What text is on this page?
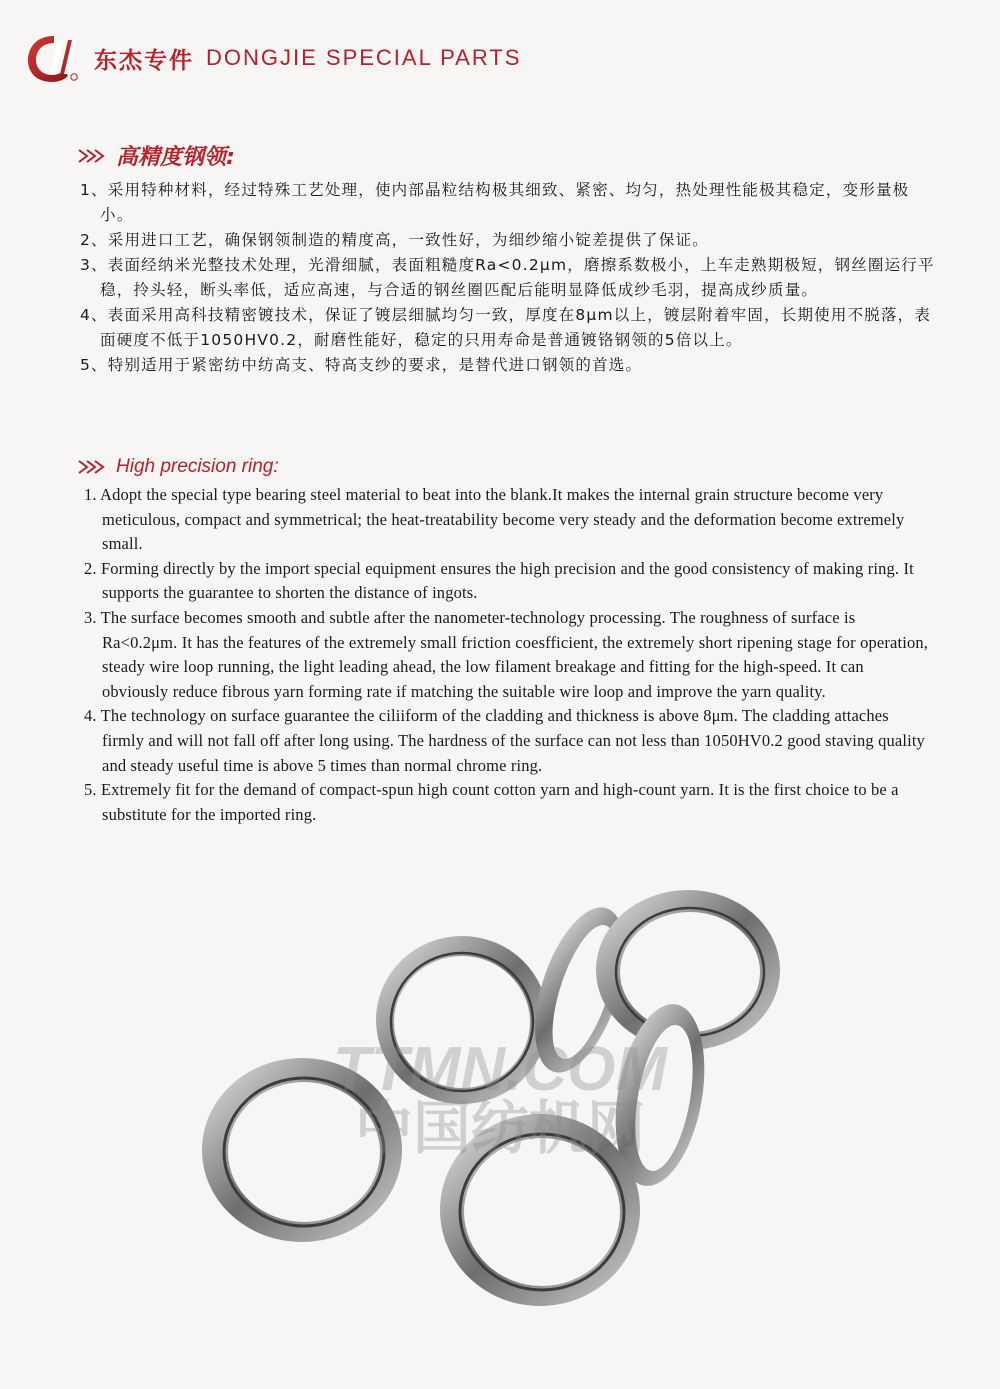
东杰专件 DONGJIE SPECIAL PARTS
高精度钢领:
1、采用特种材料，经过特殊工艺处理，使内部晶粒结构极其细致、紧密、均匀，热处理性能极其稳定，变形量极小。
2、采用进口工艺，确保钢领制造的精度高，一致性好，为细纱缩小锭差提供了保证。
3、表面经纳米光整技术处理，光滑细腻，表面粗糙度Ra<0.2μm，磨擦系数极小，上车走熟期极短，钢丝圈运行平稳，拎头轻，断头率低，适应高速，与合适的钢丝圈匹配后能明显降低成纱毛羽，提高成纱质量。
4、表面采用高科技精密镀技术，保证了镀层细腻均匀一致，厚度在8μm以上，镀层附着牢固，长期使用不脱落，表面硬度不低于1050HV0.2，耐磨性能好，稳定的只用寿命是普通镀铬钢领的5倍以上。
5、特别适用于紧密纺中纺高支、特高支纱的要求，是替代进口钢领的首选。
High precision ring:
1. Adopt the special type bearing steel material to beat into the blank.It makes the internal grain structure become very meticulous, compact and symmetrical; the heat-treatability become very steady and the deformation become extremely small.
2. Forming directly by the import special equipment ensures the high precision and the good consistency of making ring. It supports the guarantee to shorten the distance of ingots.
3. The surface becomes smooth and subtle after the nanometer-technology processing. The roughness of surface is Ra<0.2μm. It has the features of the extremely small friction coesfficient, the extremely short ripening stage for operation, steady wire loop running, the light leading ahead, the low filament breakage and fitting for the high-speed. It can obviously reduce fibrous yarn forming rate if matching the suitable wire loop and improve the yarn quality.
4. The technology on surface guarantee the ciliiform of the cladding and thickness is above 8μm. The cladding attaches firmly and will not fall off after long using. The hardness of the surface can not less than 1050HV0.2 good staving quality and steady useful time is above 5 times than normal chrome ring.
5. Extremely fit for the demand of compact-spun high count cotton yarn and high-count yarn. It is the first choice to be a substitute for the imported ring.
TTMN.COM
中国纺机网
